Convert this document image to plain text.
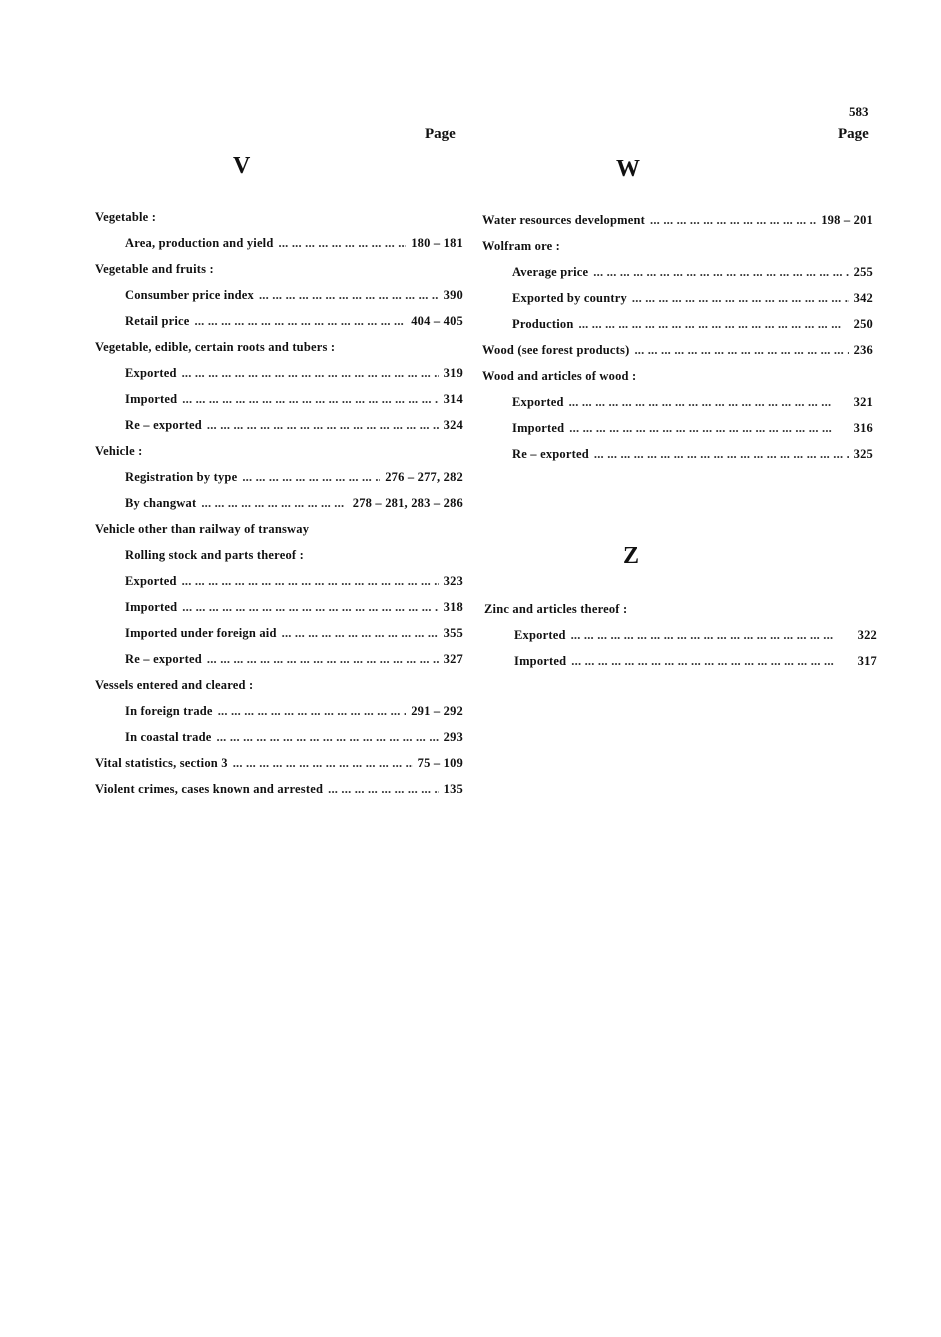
583
Page
V
Page
W
Z
Vegetable :
Area, production and yield ... .	180 – 181
Vegetable and fruits :
Consumber price index ... .	390
Retail price ... .	404 – 405
Vegetable, edible, certain roots and tubers :
Exported ... .	319
Imported ... .	314
Re – exported ... .	324
Vehicle :
Registration by type ... .	276 – 277, 282
By changwat ... .	278 – 281, 283 – 286
Vehicle other than railway of transway
Rolling stock and parts thereof :
Exported ... .	323
Imported ... .	318
Imported under foreign aid ... .	355
Re – exported ... .	327
Vessels entered and cleared :
In foreign trade ... .	291 – 292
In coastal trade ... .	293
Vital statistics, section 3 ... .	75 – 109
Violent crimes, cases known and arrested ... .	135
Water resources development ... .	198 – 201
Wolfram ore :
Average price ... .	255
Exported by country ... .	342
Production ... .	250
Wood (see forest products) ... .	236
Wood and articles of wood :
Exported ... .	321
Imported ... .	316
Re – exported ... .	325
Zinc and articles thereof :
Exported ... .	322
Imported ... .	317
